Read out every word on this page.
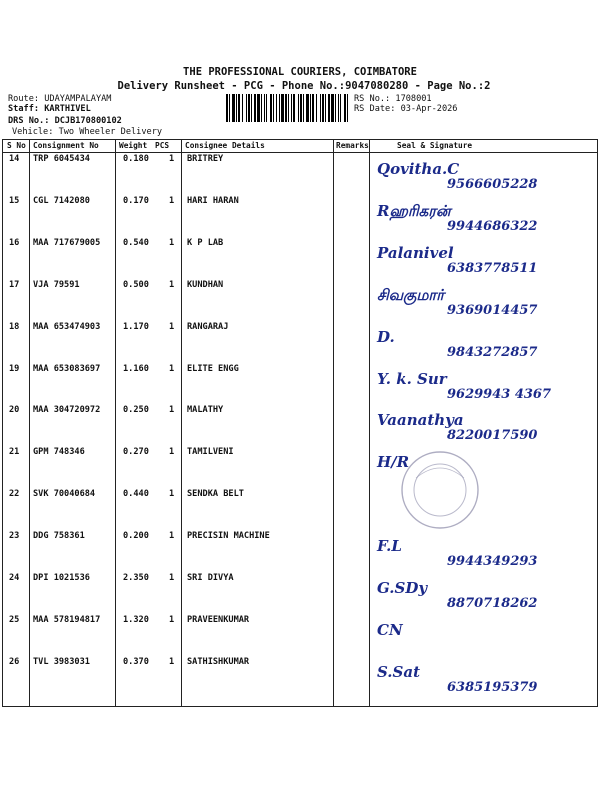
THE PROFESSIONAL COURIERS, COIMBATORE
Delivery Runsheet - PCG - Phone No.:9047080280 - Page No.:2
Route: UDAYAMPALAYAM
Staff: KARTHIVEL
DRS No.: DCJB170800102
Vehicle: Two Wheeler Delivery
RS No.: 1708001
RS Date: 03-Apr-2026
S No Consignment No	Weight PCS Consignee Details	Remarks	Seal & Signature
14 TRP 6045434	0.180 1 BRITREY
Qovitha.C
9566605228
15 CGL 7142080	0.170 1 HARI HARAN
Rஹரிகரன்
9944686322
16 MAA 717679005	0.540 1 K P LAB
Palanivel
6383778511
17 VJA 79591	0.500 1 KUNDHAN
சிவகுமார்
9369014457
18 MAA 653474903	1.170 1 RANGARAJ
D.
9843272857
19 MAA 653083697	1.160 1 ELITE ENGG
Y. k. Sur
9629943 4367
20 MAA 304720972	0.250 1 MALATHY
Vaanathya
8220017590
21 GPM 748346	0.270 1 TAMILVENI
H/R
22 SVK 70040684	0.440 1 SENDKA BELT
23 DDG 758361	0.200 1 PRECISIN MACHINE
F.L
9944349293
24 DPI 1021536	2.350 1 SRI DIVYA
G.SDy
8870718262
25 MAA 578194817	1.320 1 PRAVEENKUMAR
CN
26 TVL 3983031	0.370 1 SATHISHKUMAR
S.Sat
6385195379
